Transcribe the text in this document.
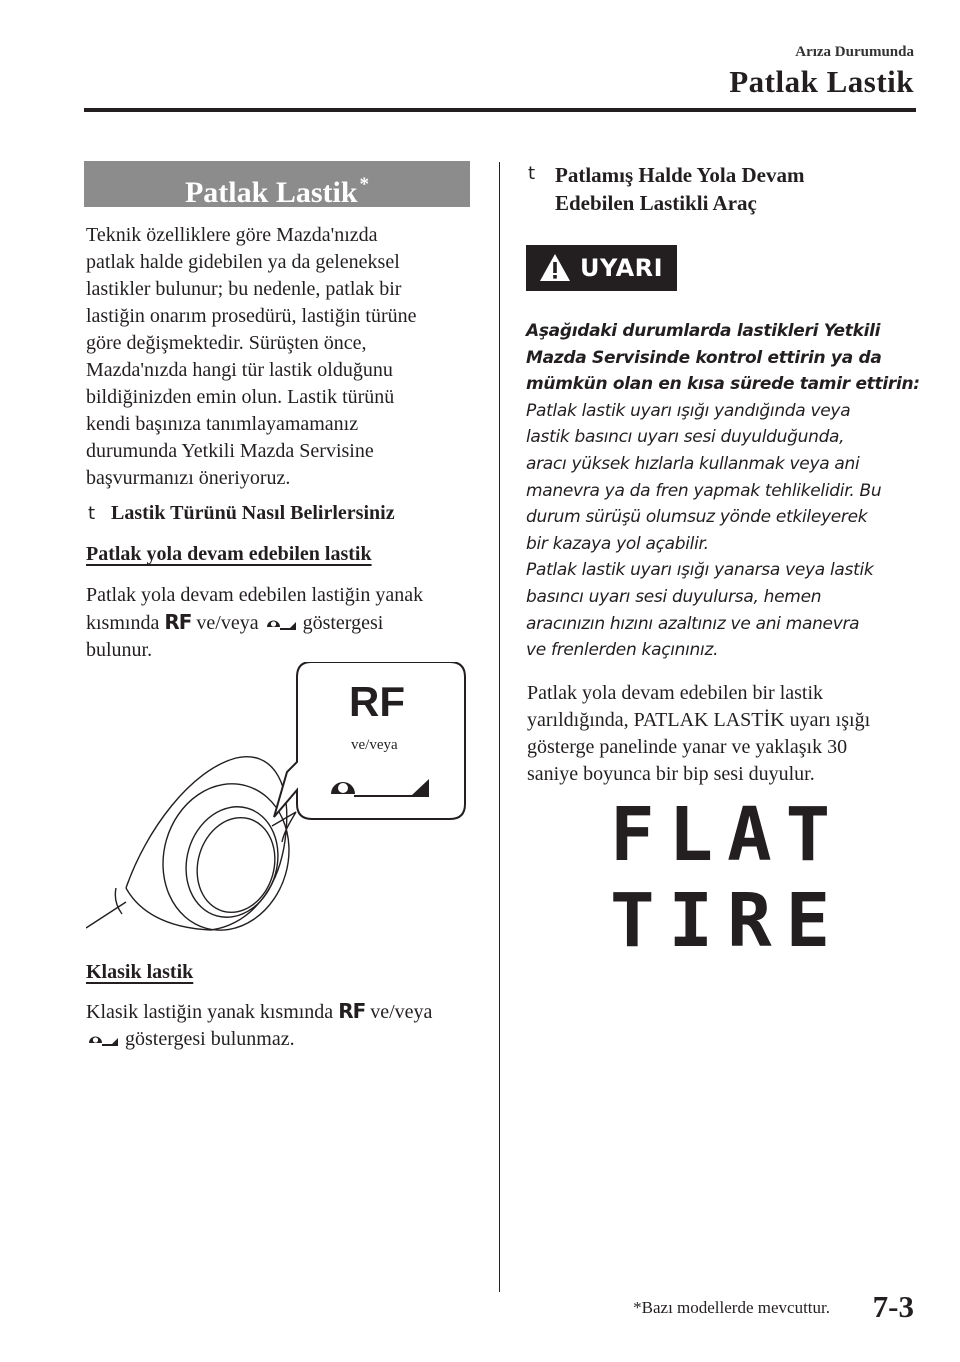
Arıza Durumunda
Patlak Lastik
Patlak Lastik *
Teknik özelliklere göre Mazda'nızda
patlak halde gidebilen ya da geleneksel
lastikler bulunur; bu nedenle, patlak bir
lastiğin onarım prosedürü, lastiğin türüne
göre değişmektedir. Sürüşten önce,
Mazda'nızda hangi tür lastik olduğunu
bildiğinizden emin olun. Lastik türünü
kendi başınıza tanımlayamamanız
durumunda Yetkili Mazda Servisine
başvurmanızı öneriyoruz.
t Lastik Türünü Nasıl Belirlersiniz
Patlak yola devam edebilen lastik
Patlak yola devam edebilen lastiğin yanak
kısmında RF ve/veya göstergesi
bulunur.
RF
ve/veya
Klasik lastik
Klasik lastiğin yanak kısmında RF ve/veya
göstergesi bulunmaz.
t Patlamış Halde Yola Devam
Edebilen Lastikli Araç
UYARI
Aşağıdaki durumlarda lastikleri Yetkili
Mazda Servisinde kontrol ettirin ya da
mümkün olan en kısa sürede tamir ettirin:
Patlak lastik uyarı ışığı yandığında veya
lastik basıncı uyarı sesi duyulduğunda,
aracı yüksek hızlarla kullanmak veya ani
manevra ya da fren yapmak tehlikelidir. Bu
durum sürüşü olumsuz yönde etkileyerek
bir kazaya yol açabilir.
Patlak lastik uyarı ışığı yanarsa veya lastik
basıncı uyarı sesi duyulursa, hemen
aracınızın hızını azaltınız ve ani manevra
ve frenlerden kaçınınız.
Patlak yola devam edebilen bir lastik
yarıldığında, PATLAK LASTİK uyarı ışığı
gösterge panelinde yanar ve yaklaşık 30
saniye boyunca bir bip sesi duyulur.
FLAT
TIRE
*Bazı modellerde mevcuttur. 7-3
